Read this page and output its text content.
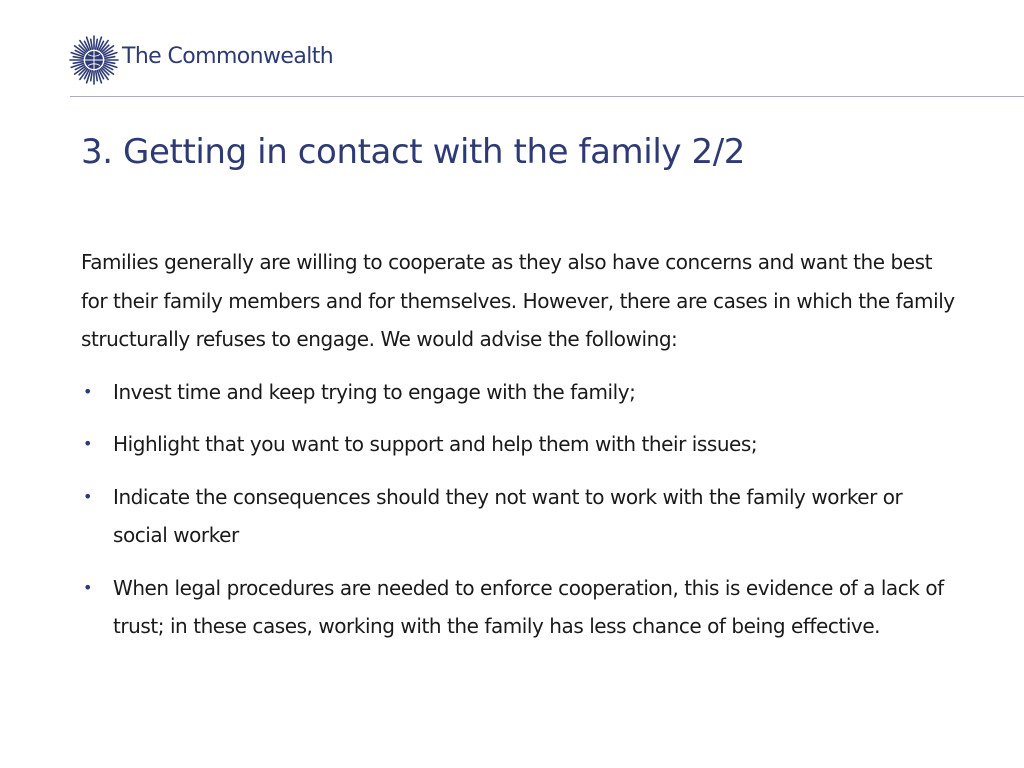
The Commonwealth
3. Getting in contact with the family 2/2

Families generally are willing to cooperate as they also have concerns and want the best for their family members and for themselves. However, there are cases in which the family structurally refuses to engage. We would advise the following:

• Invest time and keep trying to engage with the family;
• Highlight that you want to support and help them with their issues;
• Indicate the consequences should they not want to work with the family worker or social worker
• When legal procedures are needed to enforce cooperation, this is evidence of a lack of trust; in these cases, working with the family has less chance of being effective.
